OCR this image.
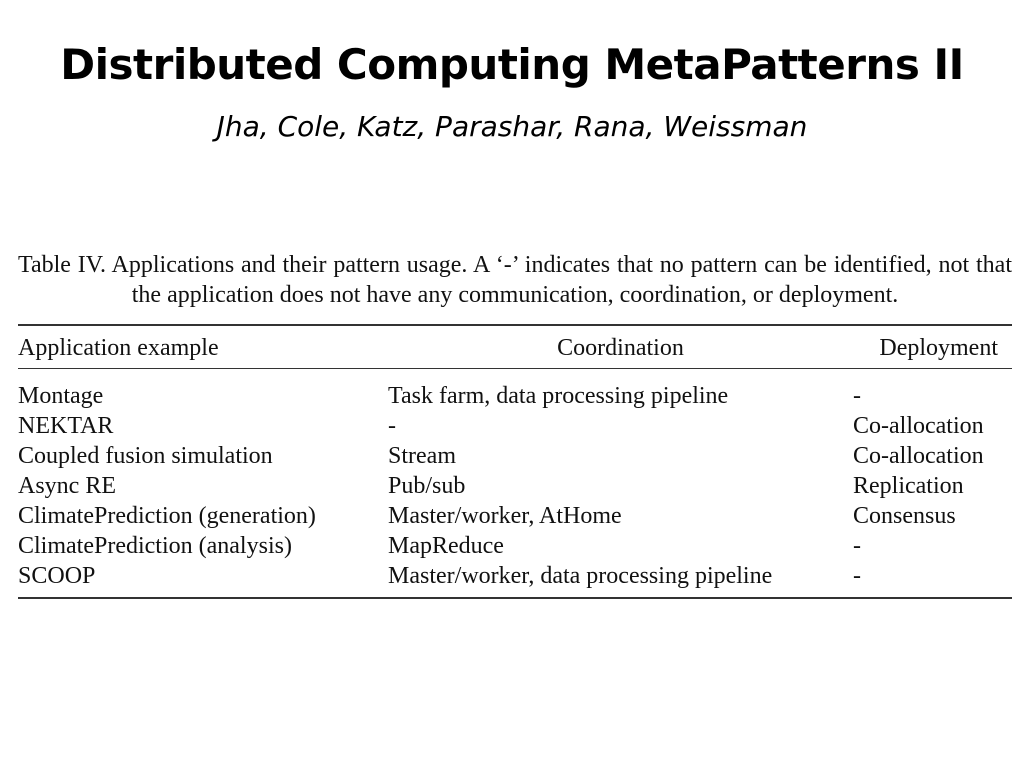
Distributed Computing MetaPatterns II

Jha, Cole, Katz, Parashar, Rana, Weissman

Table IV. Applications and their pattern usage. A ‘-’ indicates that no pattern can be identified, not that the application does not have any communication, coordination, or deployment.

Application example	Coordination	Deployment

Montage	Task farm, data processing pipeline	-
NEKTAR	-	Co-allocation
Coupled fusion simulation	Stream	Co-allocation
Async RE	Pub/sub	Replication
ClimatePrediction (generation)	Master/worker, AtHome	Consensus
ClimatePrediction (analysis)	MapReduce	-
SCOOP	Master/worker, data processing pipeline	-
